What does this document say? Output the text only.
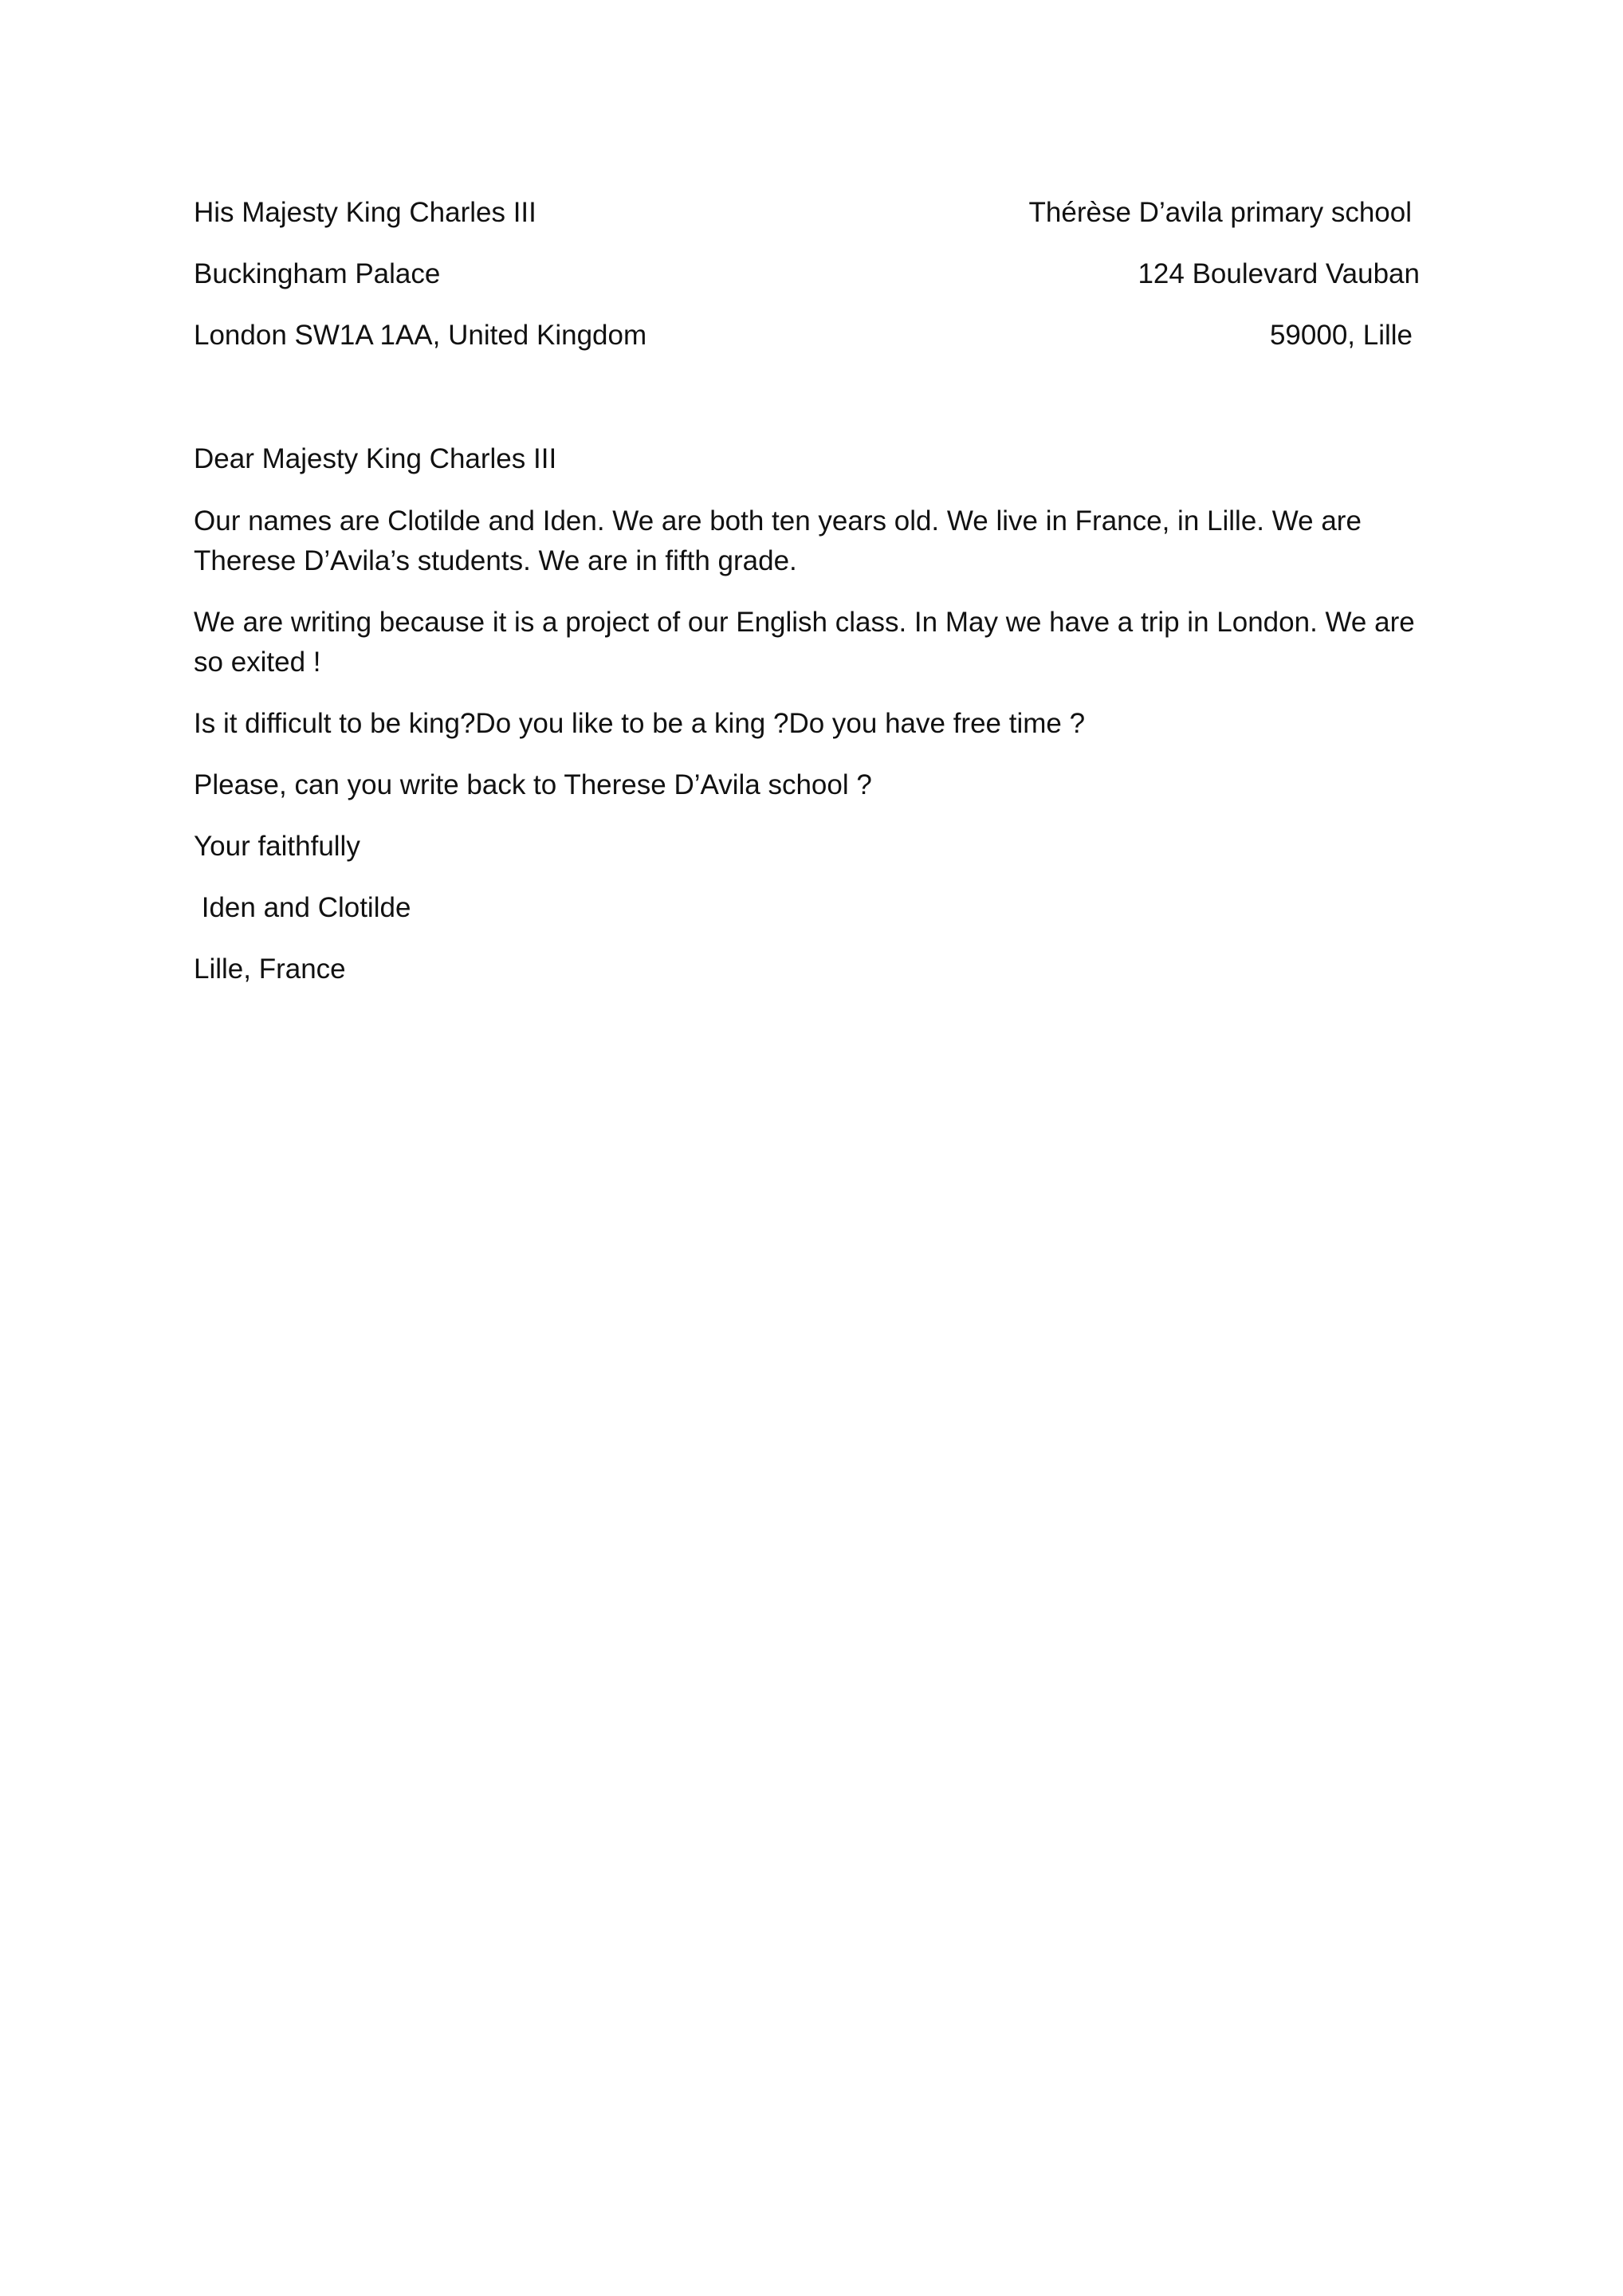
His Majesty King Charles III
Buckingham Palace
London SW1A 1AA, United Kingdom
Thérèse D’avila primary school
124 Boulevard Vauban
59000, Lille
Dear Majesty King Charles III
Our names are Clotilde and Iden. We are both ten years old. We live in France, in Lille. We are Therese D’Avila’s students. We are in fifth grade.
We are writing because it is a project of our English class. In May we have a trip in London. We are so exited !
Is it difficult to be king?Do you like to be a king ?Do you have free time ?
Please, can you write back to Therese D’Avila school ?
Your faithfully
Iden and Clotilde
Lille, France
